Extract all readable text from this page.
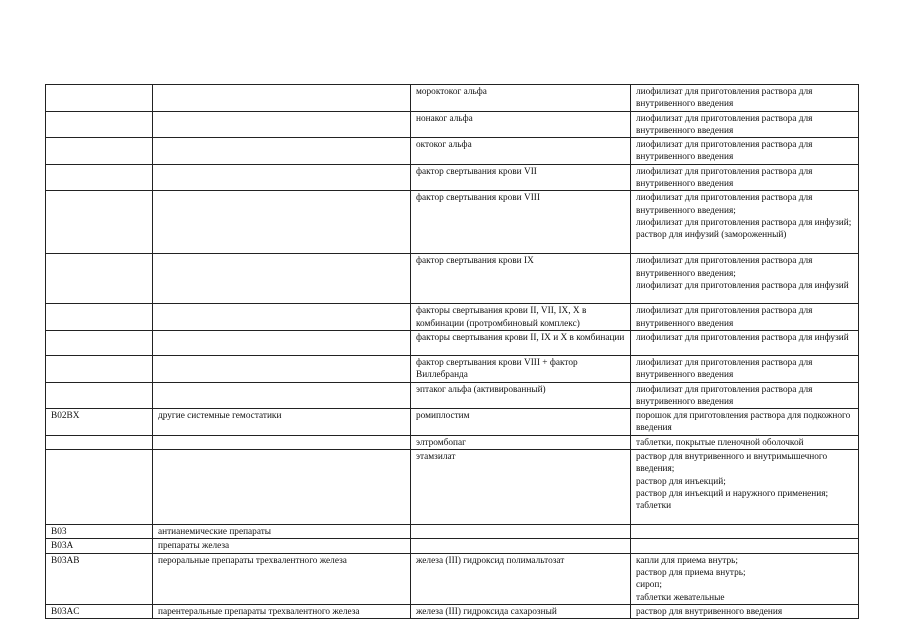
		мороктоког альфа	лиофилизат для приготовления раствора для внутривенного введения
		нонаког альфа	лиофилизат для приготовления раствора для внутривенного введения
		октоког альфа	лиофилизат для приготовления раствора для внутривенного введения
		фактор свертывания крови VII	лиофилизат для приготовления раствора для внутривенного введения
		фактор свертывания крови VIII	лиофилизат для приготовления раствора для внутривенного введения;
лиофилизат для приготовления раствора для инфузий;
раствор для инфузий (замороженный)
		фактор свертывания крови IX	лиофилизат для приготовления раствора для внутривенного введения;
лиофилизат для приготовления раствора для инфузий
		факторы свертывания крови II, VII, IX, X в комбинации (протромбиновый комплекс)	лиофилизат для приготовления раствора для внутривенного введения
		факторы свертывания крови II, IX и X в комбинации	лиофилизат для приготовления раствора для инфузий
		фактор свертывания крови VIII + фактор Виллебранда	лиофилизат для приготовления раствора для внутривенного введения
		эптаког альфа (активированный)	лиофилизат для приготовления раствора для внутривенного введения
B02BX	другие системные гемостатики	ромиплостим	порошок для приготовления раствора для подкожного введения
		элтромбопаг	таблетки, покрытые пленочной оболочкой
		этамзилат	раствор для внутривенного и внутримышечного введения;
раствор для инъекций;
раствор для инъекций и наружного применения;
таблетки
B03	антианемические препараты		
B03A	препараты железа		
B03AB	пероральные препараты трехвалентного железа	железа (III) гидроксид полимальтозат	капли для приема внутрь;
раствор для приема внутрь;
сироп;
таблетки жевательные
B03AC	парентеральные препараты трехвалентного железа	железа (III) гидроксида сахарозный	раствор для внутривенного введения
